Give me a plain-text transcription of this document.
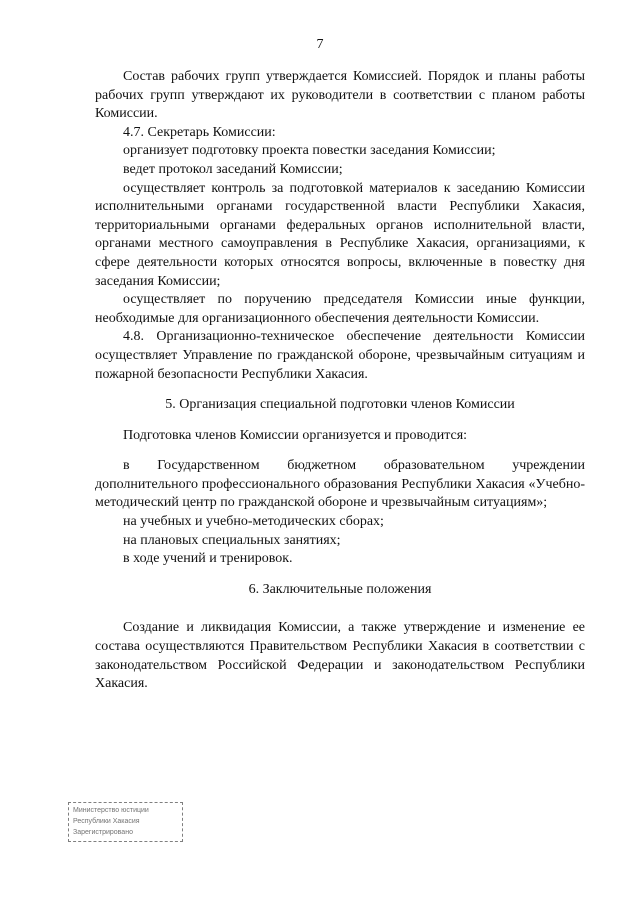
7

Состав рабочих групп утверждается Комиссией. Порядок и планы работы рабочих групп утверждают их руководители в соответствии с планом работы Комиссии.

4.7. Секретарь Комиссии:

организует подготовку проекта повестки заседания Комиссии;

ведет протокол заседаний Комиссии;

осуществляет контроль за подготовкой материалов к заседанию Комиссии исполнительными органами государственной власти Республики Хакасия, территориальными органами федеральных органов исполнительной власти, органами местного самоуправления в Республике Хакасия, организациями, к сфере деятельности которых относятся вопросы, включенные в повестку дня заседания Комиссии;

осуществляет по поручению председателя Комиссии иные функции, необходимые для организационного обеспечения деятельности Комиссии.

4.8. Организационно-техническое обеспечение деятельности Комиссии осуществляет Управление по гражданской обороне, чрезвычайным ситуациям и пожарной безопасности Республики Хакасия.

5. Организация специальной подготовки членов Комиссии

Подготовка членов Комиссии организуется и проводится:

в Государственном бюджетном образовательном учреждении дополнительного профессионального образования Республики Хакасия «Учебно-методический центр по гражданской обороне и чрезвычайным ситуациям»;

на учебных и учебно-методических сборах;

на плановых специальных занятиях;

в ходе учений и тренировок.

6. Заключительные положения

Создание и ликвидация Комиссии, а также утверждение и изменение ее состава осуществляются Правительством Республики Хакасия в соответствии с законодательством Российской Федерации и законодательством Республики Хакасия.

Министерство юстиции
Республики Хакасия
Зарегистрировано
